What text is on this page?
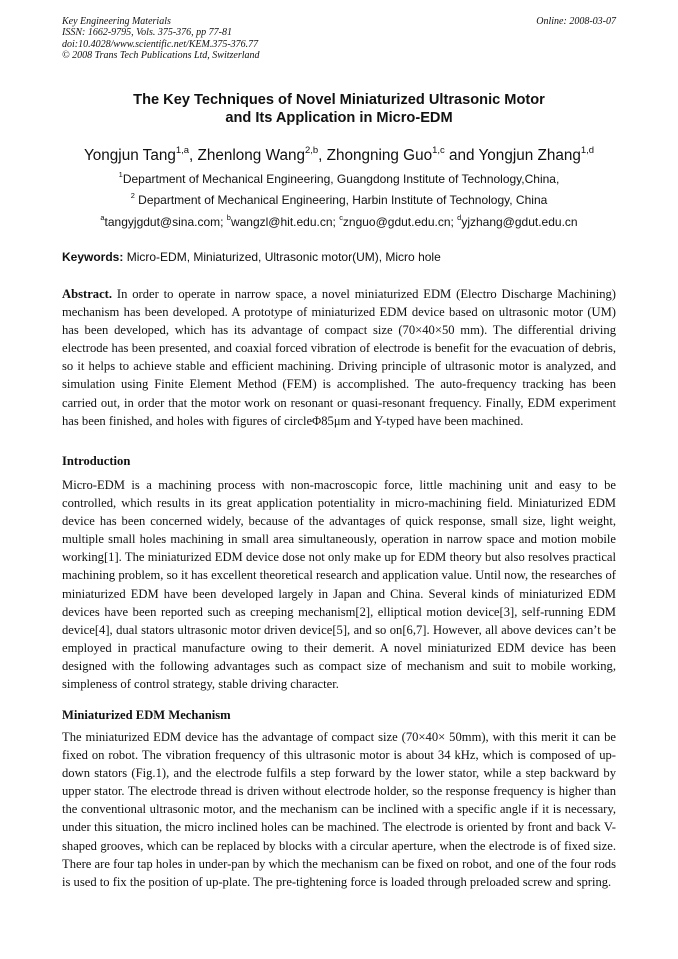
Key Engineering Materials
ISSN: 1662-9795, Vols. 375-376, pp 77-81
doi:10.4028/www.scientific.net/KEM.375-376.77
© 2008 Trans Tech Publications Ltd, Switzerland
Online: 2008-03-07
The Key Techniques of Novel Miniaturized Ultrasonic Motor
and Its Application in Micro-EDM
Yongjun Tang$^{1,a}$, Zhenlong Wang$^{2,b}$, Zhongning Guo$^{1,c}$ and Yongjun Zhang$^{1,d}$
$^1$Department of Mechanical Engineering, Guangdong Institute of Technology,China,
$^2$ Department of Mechanical Engineering, Harbin Institute of Technology, China
$^a$tangyjgdut@sina.com; $^b$wangzl@hit.edu.cn; $^c$znguo@gdut.edu.cn; $^d$yjzhang@gdut.edu.cn
Keywords: Micro-EDM, Miniaturized, Ultrasonic motor(UM), Micro hole

Abstract. In order to operate in narrow space, a novel miniaturized EDM (Electro Discharge Machining) mechanism has been developed. A prototype of miniaturized EDM device based on ultrasonic motor (UM) has been developed, which has its advantage of compact size (70×40×50 mm). The differential driving electrode has been presented, and coaxial forced vibration of electrode is benefit for the evacuation of debris, so it helps to achieve stable and efficient machining. Driving principle of ultrasonic motor is analyzed, and simulation using Finite Element Method (FEM) is accomplished. The auto-frequency tracking has been carried out, in order that the motor work on resonant or quasi-resonant frequency. Finally, EDM experiment has been finished, and holes with figures of circleΦ85μm and Y-typed have been machined.

Introduction

Micro-EDM is a machining process with non-macroscopic force, little machining unit and easy to be controlled, which results in its great application potentiality in micro-machining field. Miniaturized EDM device has been concerned widely, because of the advantages of quick response, small size, light weight, multiple small holes machining in small area simultaneously, operation in narrow space and motion mobile working[1]. The miniaturized EDM device dose not only make up for EDM theory but also resolves practical machining problem, so it has excellent theoretical research and application value. Until now, the researches of miniaturized EDM have been developed largely in Japan and China. Several kinds of miniaturized EDM devices have been reported such as creeping mechanism[2], elliptical motion device[3], self-running EDM device[4], dual stators ultrasonic motor driven device[5], and so on[6,7]. However, all above devices can’t be employed in practical manufacture owing to their demerit. A novel miniaturized EDM device has been designed with the following advantages such as compact size of mechanism and suit to mobile working, simpleness of control strategy, stable driving character.

Miniaturized EDM Mechanism

The miniaturized EDM device has the advantage of compact size (70×40× 50mm), with this merit it can be fixed on robot. The vibration frequency of this ultrasonic motor is about 34 kHz, which is composed of up-down stators (Fig.1), and the electrode fulfils a step forward by the lower stator, while a step backward by upper stator. The electrode thread is driven without electrode holder, so the response frequency is higher than the conventional ultrasonic motor, and the mechanism can be inclined with a specific angle if it is necessary, under this situation, the micro inclined holes can be machined. The electrode is oriented by front and back V-shaped grooves, which can be replaced by blocks with a circular aperture, when the electrode is of fixed size. There are four tap holes in under-pan by which the mechanism can be fixed on robot, and one of the four rods is used to fix the position of up-plate. The pre-tightening force is loaded through preloaded screw and spring.
